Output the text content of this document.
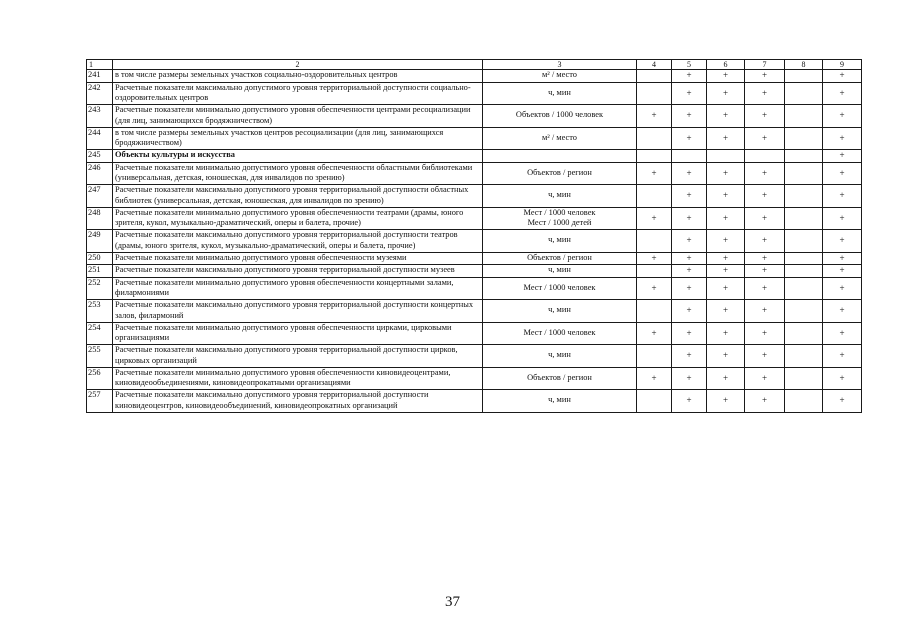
1	2	3	4	5	6	7	8	9
241	в том числе размеры земельных участков социально-оздоровительных центров	м² / место		+	+	+		+
242	Расчетные показатели максимально допустимого уровня территориальной доступности социально-оздоровительных центров	ч, мин		+	+	+		+
243	Расчетные показатели минимально допустимого уровня обеспеченности центрами ресоциализации (для лиц, занимающихся бродяжничеством)	Объектов / 1000 человек	+	+	+	+		+
244	в том числе размеры земельных участков центров ресоциализации (для лиц, занимающихся бродяжничеством)	м² / место		+	+	+		+
245	Объекты культуры и искусства							+
246	Расчетные показатели минимально допустимого уровня обеспеченности областными библиотеками (универсальная, детская, юношеская, для инвалидов по зрению)	Объектов / регион	+	+	+	+		+
247	Расчетные показатели максимально допустимого уровня территориальной доступности областных библиотек (универсальная, детская, юношеская, для инвалидов по зрению)	ч, мин		+	+	+		+
248	Расчетные показатели минимально допустимого уровня обеспеченности театрами (драмы, юного зрителя, кукол, музыкально-драматический, оперы и балета, прочие)	Мест / 1000 человек
Мест / 1000 детей	+	+	+	+		+
249	Расчетные показатели максимально допустимого уровня территориальной доступности театров (драмы, юного зрителя, кукол, музыкально-драматический, оперы и балета, прочие)	ч, мин		+	+	+		+
250	Расчетные показатели минимально допустимого уровня обеспеченности музеями	Объектов / регион	+	+	+	+		+
251	Расчетные показатели максимально допустимого уровня территориальной доступности музеев	ч, мин		+	+	+		+
252	Расчетные показатели минимально допустимого уровня обеспеченности концертными залами, филармониями	Мест / 1000 человек	+	+	+	+		+
253	Расчетные показатели максимально допустимого уровня территориальной доступности концертных залов, филармоний	ч, мин		+	+	+		+
254	Расчетные показатели минимально допустимого уровня обеспеченности цирками, цирковыми организациями	Мест / 1000 человек	+	+	+	+		+
255	Расчетные показатели максимально допустимого уровня территориальной доступности цирков, цирковых организаций	ч, мин		+	+	+		+
256	Расчетные показатели минимально допустимого уровня обеспеченности киновидеоцентрами, киновидеообъединениями, киновидеопрокатными организациями	Объектов / регион	+	+	+	+		+
257	Расчетные показатели максимально допустимого уровня территориальной доступности киновидеоцентров, киновидеообъединений, киновидеопрокатных организаций	ч, мин		+	+	+		+
37
